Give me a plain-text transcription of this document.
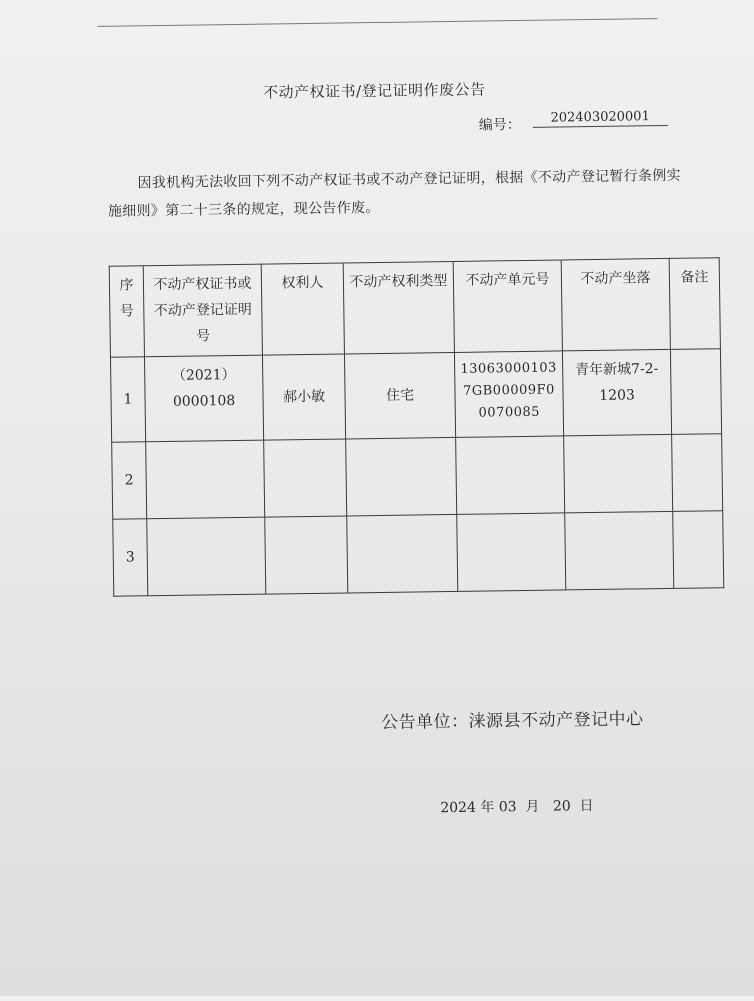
不动产权证书/登记证明作废公告
编号：	202403020001
因我机构无法收回下列不动产权证书或不动产登记证明，根据《不动产登记暂行条例实施细则》第二十三条的规定，现公告作废。
序号	不动产权证书或不动产登记证明号	权利人	不动产权利类型	不动产单元号	不动产坐落	备注
1	（2021）0000108	郝小敏	住宅	130630001037GB00009F00070085	青年新城7-2-1203	
2						
3						
公告单位：涞源县不动产登记中心
2024 年 03  月   20  日
